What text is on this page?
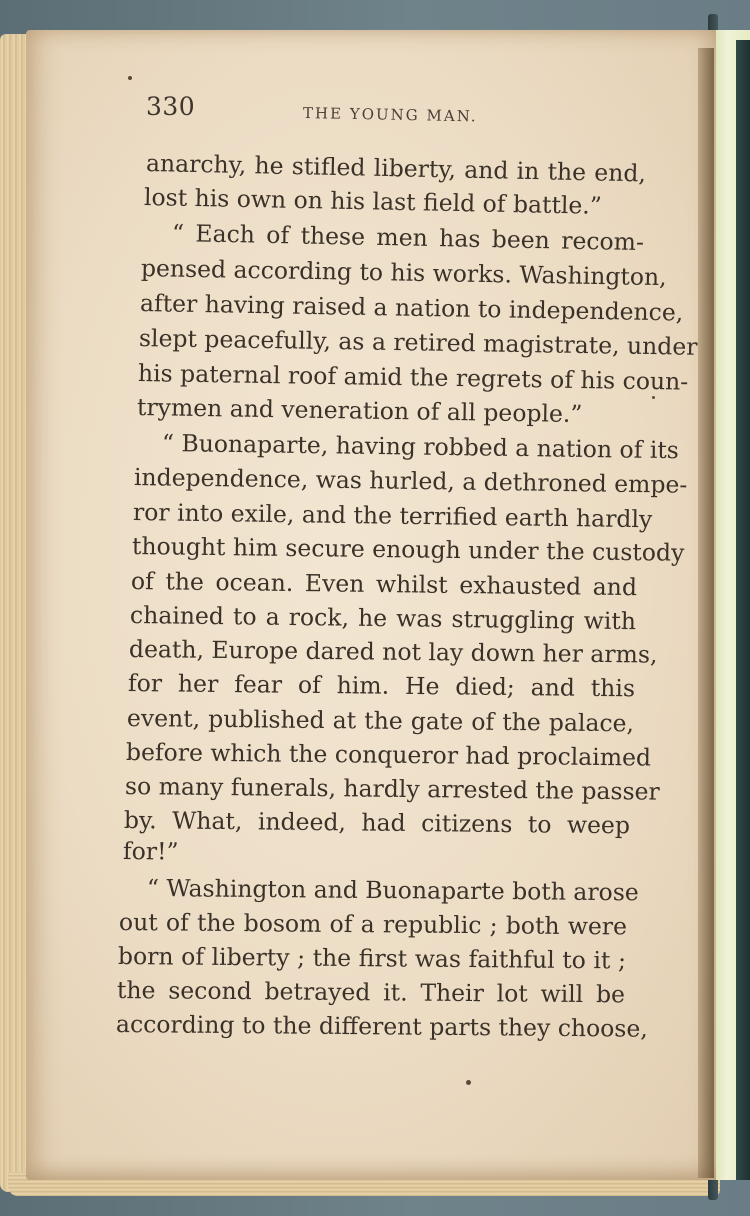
330	THE YOUNG MAN.

anarchy, he stifled liberty, and in the end,

lost his own on his last field of battle.”

“ Each of these men has been recom-

pensed according to his works. Washington,

after having raised a nation to independence,

slept peacefully, as a retired magistrate, under

his paternal roof amid the regrets of his coun-

trymen and veneration of all people.”

“ Buonaparte, having robbed a nation of its

independence, was hurled, a dethroned empe-

ror into exile, and the terrified earth hardly

thought him secure enough under the custody

of the ocean. Even whilst exhausted and

chained to a rock, he was struggling with

death, Europe dared not lay down her arms,

for her fear of him. He died; and this

event, published at the gate of the palace,

before which the conqueror had proclaimed

so many funerals, hardly arrested the passer

by. What, indeed, had citizens to weep

for!”

“ Washington and Buonaparte both arose

out of the bosom of a republic ; both were

born of liberty ; the first was faithful to it ;

the second betrayed it. Their lot will be

according to the different parts they choose,
